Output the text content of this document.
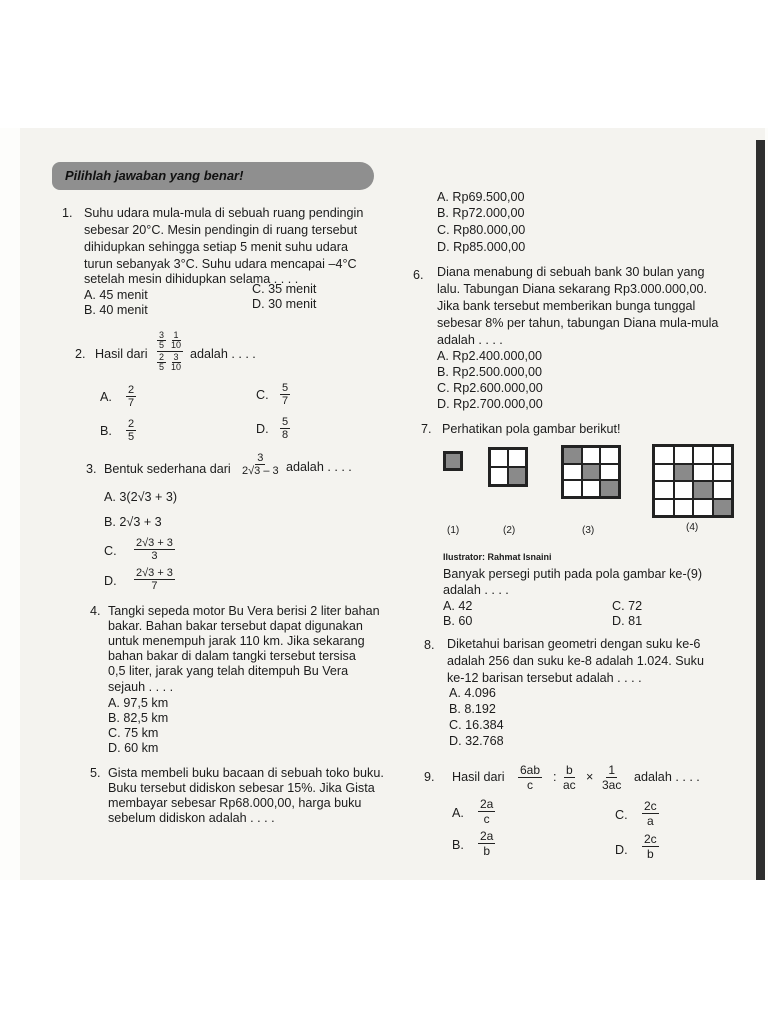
Pilihlah jawaban yang benar!
1. Suhu udara mula-mula di sebuah ruang pendingin
sebesar 20°C. Mesin pendingin di ruang tersebut
dihidupkan sehingga setiap 5 menit suhu udara
turun sebanyak 3°C. Suhu udara mencapai –4°C
setelah mesin dihidupkan selama . . . .
A. 45 menit
B. 40 menit
C. 35 menit
D. 30 menit
2. Hasil dari
$\frac{3}{5} \frac{1}{10}$
$\frac{2}{5} \frac{3}{10}$ adalah . . . .
A. $\frac{2}{7}$
B. $\frac{2}{5}$
C. $\frac{5}{7}$
D. $\frac{5}{8}$
3. Bentuk sederhana dari $\frac{3}{2√3 - 3}$ adalah . . . .
A. 3(2√3 + 3)
B. 2√3 + 3
C. $\frac{2√3 + 3}{3}$
D. $\frac{2√3 + 3}{7}$
4. Tangki sepeda motor Bu Vera berisi 2 liter bahan
bakar. Bahan bakar tersebut dapat digunakan
untuk menempuh jarak 110 km. Jika sekarang
bahan bakar di dalam tangki tersebut tersisa
0,5 liter, jarak yang telah ditempuh Bu Vera
sejauh . . . .
A. 97,5 km
B. 82,5 km
C. 75 km
D. 60 km
5. Gista membeli buku bacaan di sebuah toko buku.
Buku tersebut didiskon sebesar 15%. Jika Gista
membayar sebesar Rp68.000,00, harga buku
sebelum didiskon adalah . . . .
A. Rp69.500,00
B. Rp72.000,00
C. Rp80.000,00
D. Rp85.000,00
6. Diana menabung di sebuah bank 30 bulan yang
lalu. Tabungan Diana sekarang Rp3.000.000,00.
Jika bank tersebut memberikan bunga tunggal
sebesar 8% per tahun, tabungan Diana mula-mula
adalah . . . .
A. Rp2.400.000,00
B. Rp2.500.000,00
C. Rp2.600.000,00
D. Rp2.700.000,00
7. Perhatikan pola gambar berikut!
(1)	(2)	(3)	(4)
Ilustrator: Rahmat Isnaini
Banyak persegi putih pada pola gambar ke-(9)
adalah . . . .
A. 42
B. 60
C. 72
D. 81
8. Diketahui barisan geometri dengan suku ke-6
adalah 256 dan suku ke-8 adalah 1.024. Suku
ke-12 barisan tersebut adalah . . . .
A. 4.096
B. 8.192
C. 16.384
D. 32.768
9. Hasil dari $\frac{6ab}{c}$ : $\frac{b}{ac} \times \frac{1}{3ac}$ adalah . . . .
A. $\frac{2a}{c}$
B. $\frac{2a}{b}$
C. $\frac{2c}{a}$
D. $\frac{2c}{b}$
